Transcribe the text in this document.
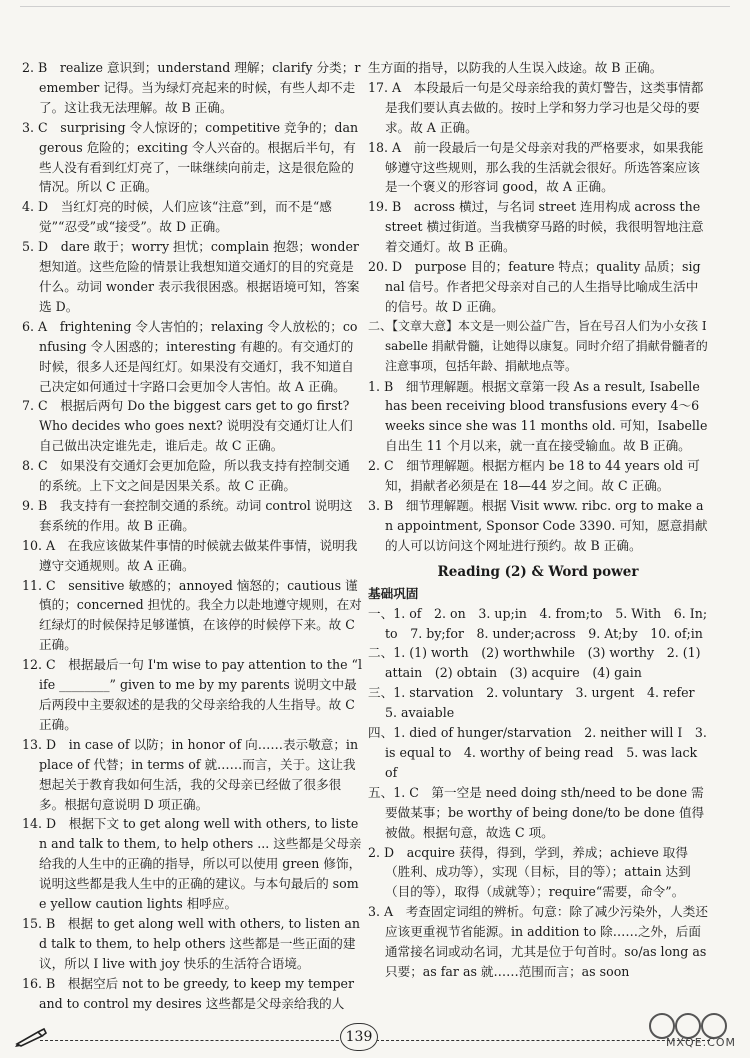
2. B　realize 意识到；understand 理解；clarify 分类；remember 记得。当为绿灯亮起来的时候，有些人却不走了。这让我无法理解。故 B 正确。

3. C　surprising 令人惊讶的；competitive 竞争的；dangerous 危险的；exciting 令人兴奋的。根据后半句，有些人没有看到红灯亮了，一昧继续向前走，这是很危险的情况。所以 C 正确。

4. D　当红灯亮的时候，人们应该“注意”到，而不是“感觉”“忍受”或“接受”。故 D 正确。

5. D　dare 敢于；worry 担忧；complain 抱怨；wonder 想知道。这些危险的情景让我想知道交通灯的目的究竟是什么。动词 wonder 表示我很困惑。根据语境可知，答案选 D。

6. A　frightening 令人害怕的；relaxing 令人放松的；confusing 令人困惑的；interesting 有趣的。有交通灯的时候，很多人还是闯红灯。如果没有交通灯，我不知道自己决定如何通过十字路口会更加令人害怕。故 A 正确。

7. C　根据后两句 Do the biggest cars get to go first? Who decides who goes next? 说明没有交通灯让人们自己做出决定谁先走，谁后走。故 C 正确。

8. C　如果没有交通灯会更加危险，所以我支持有控制交通的系统。上下文之间是因果关系。故 C 正确。

9. B　我支持有一套控制交通的系统。动词 control 说明这套系统的作用。故 B 正确。

10. A　在我应该做某件事情的时候就去做某件事情，说明我遵守交通规则。故 A 正确。

11. C　sensitive 敏感的；annoyed 恼怒的；cautious 谨慎的；concerned 担忧的。我全力以赴地遵守规则，在对红绿灯的时候保持足够谨慎，在该停的时候停下来。故 C 正确。

12. C　根据最后一句 I'm wise to pay attention to the “life ________” given to me by my parents 说明文中最后两段中主要叙述的是我的父母亲给我的人生指导。故 C 正确。

13. D　in case of 以防；in honor of 向……表示敬意；in place of 代替；in terms of 就……而言，关于。这让我想起关于教育我如何生活，我的父母亲已经做了很多很多。根据句意说明 D 项正确。

14. D　根据下文 to get along well with others, to listen and talk to them, to help others ... 这些都是父母亲给我的人生中的正确的指导，所以可以使用 green 修饰，说明这些都是我人生中的正确的建议。与本句最后的 some yellow caution lights 相呼应。

15. B　根据 to get along well with others, to listen and talk to them, to help others 这些都是一些正面的建议，所以 I live with joy 快乐的生活符合语境。

16. B　根据空后 not to be greedy, to keep my temper and to control my desires 这些都是父母亲给我的人

生方面的指导，以防我的人生误入歧途。故 B 正确。

17. A　本段最后一句是父母亲给我的黄灯警告，这类事情都是我们要认真去做的。按时上学和努力学习也是父母的要求。故 A 正确。

18. A　前一段最后一句是父母亲对我的严格要求，如果我能够遵守这些规则，那么我的生活就会很好。所选答案应该是一个褒义的形容词 good，故 A 正确。

19. B　across 横过，与名词 street 连用构成 across the street 横过街道。当我横穿马路的时候，我很明智地注意着交通灯。故 B 正确。

20. D　purpose 目的；feature 特点；quality 品质；signal 信号。作者把父母亲对自己的人生指导比喻成生活中的信号。故 D 正确。

二、【文章大意】本文是一则公益广告，旨在号召人们为小女孩 Isabelle 捐献骨髓，让她得以康复。同时介绍了捐献骨髓者的注意事项，包括年龄、捐献地点等。

1. B　细节理解题。根据文章第一段 As a result, Isabelle has been receiving blood transfusions every 4～6 weeks since she was 11 months old. 可知，Isabelle 自出生 11 个月以来，就一直在接受输血。故 B 正确。

2. C　细节理解题。根据方框内 be 18 to 44 years old 可知，捐献者必须是在 18—44 岁之间。故 C 正确。

3. B　细节理解题。根据 Visit www. ribc. org to make an appointment, Sponsor Code 3390. 可知，愿意捐献的人可以访问这个网址进行预约。故 B 正确。

Reading (2) & Word power
基础巩固

一、1. of　2. on　3. up;in　4. from;to　5. With　6. In;to　7. by;for　8. under;across　9. At;by　10. of;in

二、1. (1) worth　(2) worthwhile　(3) worthy　2. (1) attain　(2) obtain　(3) acquire　(4) gain

三、1. starvation　2. voluntary　3. urgent　4. refer　5. avaiable

四、1. died of hunger/starvation　2. neither will I　3. is equal to　4. worthy of being read　5. was lack of

五、1. C　第一空是 need doing sth/need to be done 需要做某事；be worthy of being done/to be done 值得被做。根据句意，故选 C 项。

2. D　acquire 获得，得到，学到，养成；achieve 取得（胜利、成功等），实现（目标，目的等）；attain 达到（目的等），取得（成就等）；require“需要，命令”。

3. A　考查固定词组的辨析。句意：除了减少污染外，人类还应该更重视节省能源。in addition to 除……之外，后面通常接名词或动名词，尤其是位于句首时。so/as long as 只要；as far as 就……范围而言；as soon

139	MXQE.COM
